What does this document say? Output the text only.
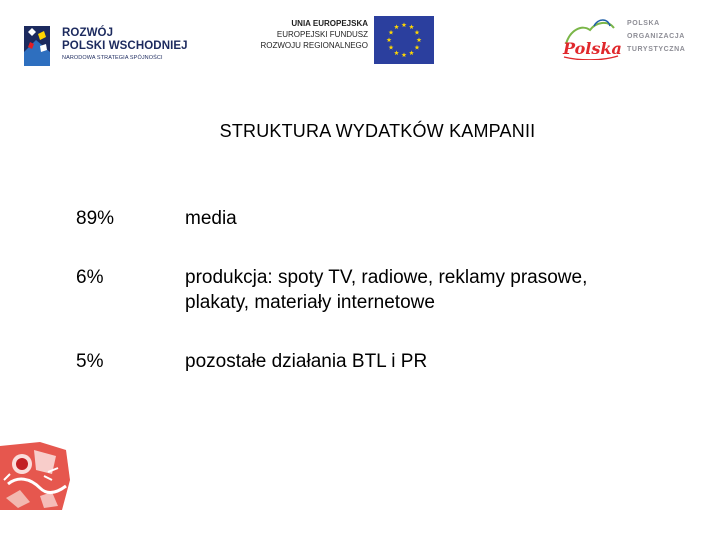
ROZWÓJ
POLSKI WSCHODNIEJ
NARODOWA STRATEGIA SPÓJNOŚCI
UNIA EUROPEJSKA
EUROPEJSKI FUNDUSZ
ROZWOJU REGIONALNEGO	Polska
POLSKA
ORGANIZACJA
TURYSTYCZNA
STRUKTURA WYDATKÓW KAMPANII
89%	media
6%	produkcja: spoty TV, radiowe, reklamy prasowe,
plakaty, materiały internetowe
5%	pozostałe działania BTL i PR
